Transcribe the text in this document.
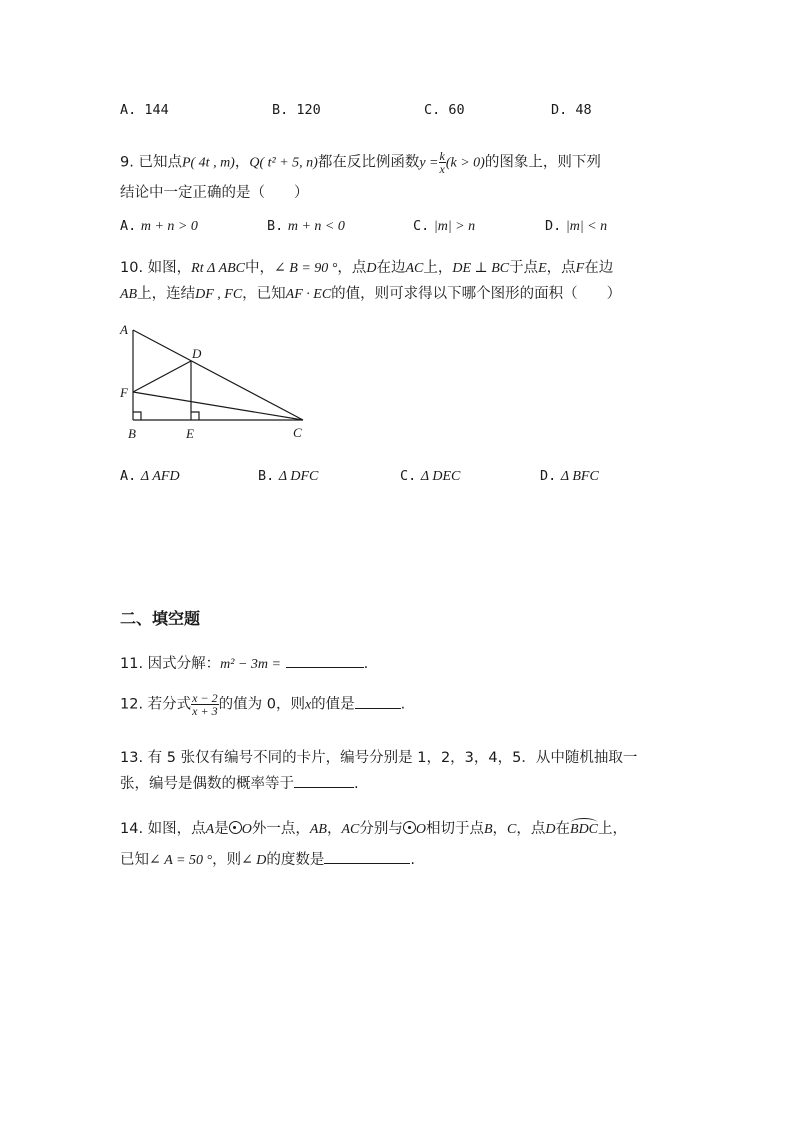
A. 144	B. 120	C. 60	D. 48
9. 已知点P( 4t , m)，Q( t² + 5, n)都在反比例函数$y = \frac{k}{x} (k > 0)$的图象上，则下列
结论中一定正确的是（　　）
A. m + n > 0	B. m + n < 0	C. |m| > n	D. |m| < n
10. 如图，Rt Δ ABC中，∠ B = 90 °，点D在边AC上，DE ⊥ BC于点E，点F在边
AB上，连结DF , FC，已知AF · EC的值，则可求得以下哪个图形的面积（　　）
A
D
F
B	E	C
A. Δ AFD	B. Δ DFC	C. Δ DEC	D. Δ BFC
二、填空题
11. 因式分解：m² − 3m =	.
12. 若分式 $\frac{x - 2}{x + 3}$ 的值为 0，则x的值是	.
13. 有 5 张仅有编号不同的卡片，编号分别是 1，2，3，4，5．从中随机抽取一
张，编号是偶数的概率等于	.
14. 如图，点A是 O外一点，AB，AC分别与 O相切于点B，C，点D在BDC上，
已知∠ A = 50 °，则∠ D的度数是	.
